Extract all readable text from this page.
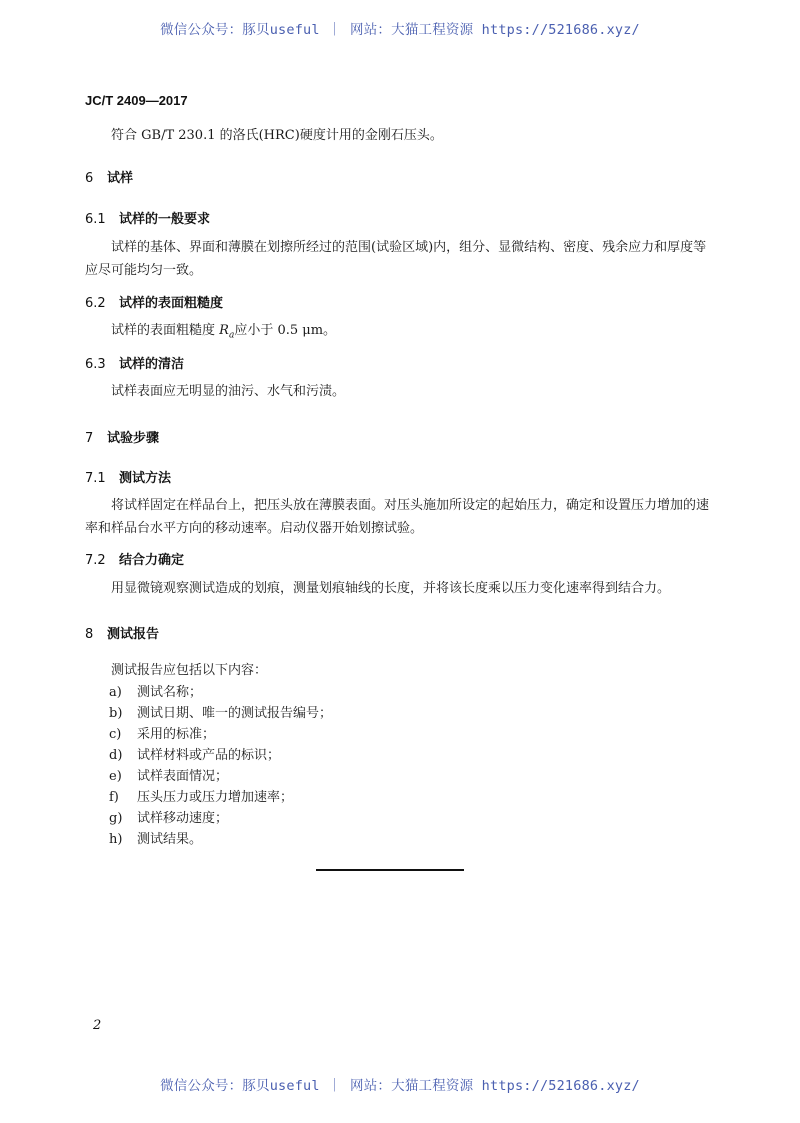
微信公众号：豚贝useful ｜ 网站：大猫工程资源 https://521686.xyz/
JC/T 2409—2017
符合 GB/T 230.1 的洛氏(HRC)硬度计用的金刚石压头。
6 试样
6.1 试样的一般要求
试样的基体、界面和薄膜在划擦所经过的范围(试验区域)内，组分、显微结构、密度、残余应力和厚度等应尽可能均匀一致。
6.2 试样的表面粗糙度
试样的表面粗糙度 $R_a$应小于 0.5 μm。
6.3 试样的清洁
试样表面应无明显的油污、水气和污渍。
7 试验步骤
7.1 测试方法
将试样固定在样品台上，把压头放在薄膜表面。对压头施加所设定的起始压力，确定和设置压力增加的速率和样品台水平方向的移动速率。启动仪器开始划擦试验。
7.2 结合力确定
用显微镜观察测试造成的划痕，测量划痕轴线的长度，并将该长度乘以压力变化速率得到结合力。
8 测试报告
测试报告应包括以下内容：
a) 测试名称；
b) 测试日期、唯一的测试报告编号；
c) 采用的标准；
d) 试样材料或产品的标识；
e) 试样表面情况；
f) 压头压力或压力增加速率；
g) 试样移动速度；
h) 测试结果。
2
微信公众号：豚贝useful ｜ 网站：大猫工程资源 https://521686.xyz/
